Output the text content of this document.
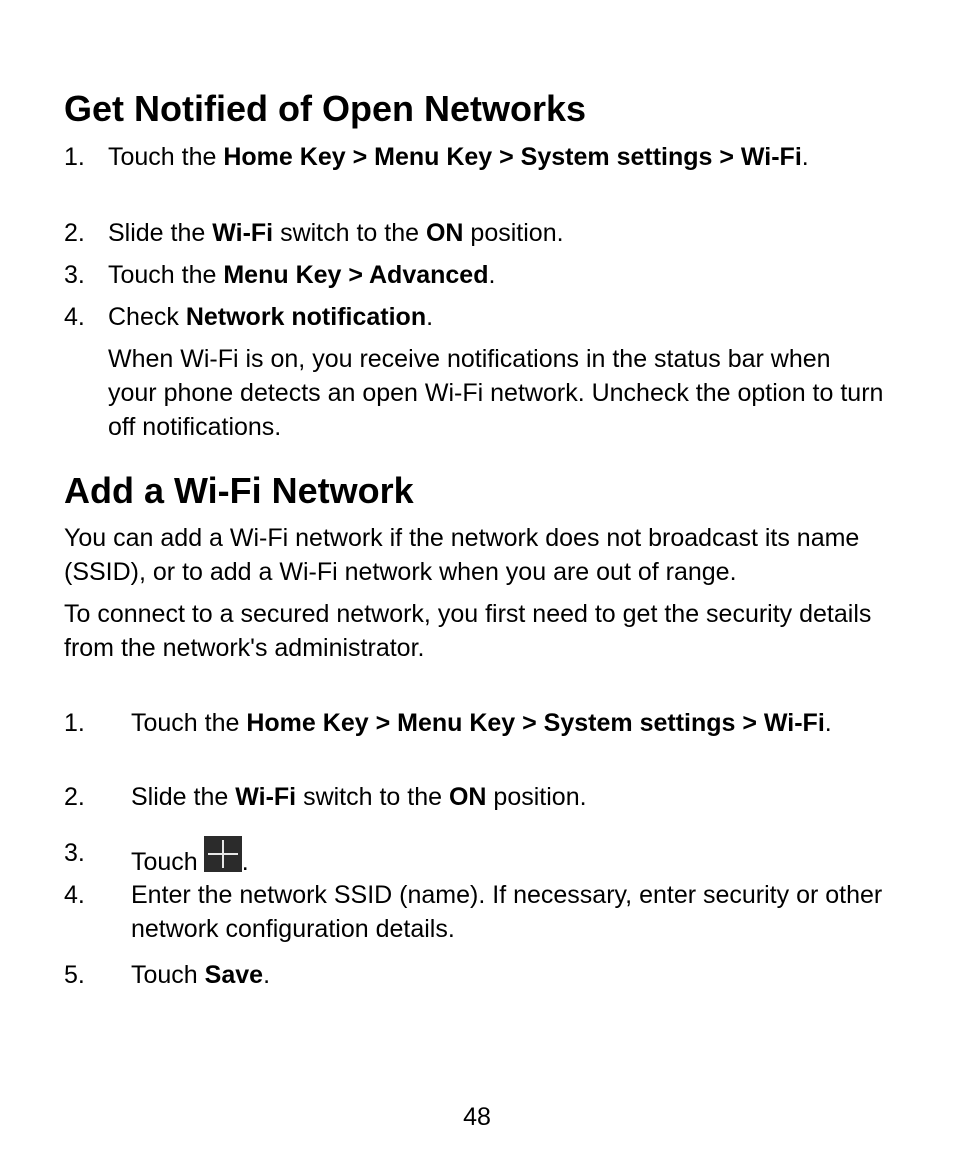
Get Notified of Open Networks
1. Touch the Home Key > Menu Key > System settings > Wi-Fi.
2. Slide the Wi-Fi switch to the ON position.
3. Touch the Menu Key > Advanced.
4. Check Network notification.
When Wi-Fi is on, you receive notifications in the status bar when your phone detects an open Wi-Fi network. Uncheck the option to turn off notifications.
Add a Wi-Fi Network

You can add a Wi-Fi network if the network does not broadcast its name (SSID), or to add a Wi-Fi network when you are out of range.

To connect to a secured network, you first need to get the security details from the network's administrator.

1. Touch the Home Key > Menu Key > System settings > Wi-Fi.
2. Slide the Wi-Fi switch to the ON position.
3. Touch .
4. Enter the network SSID (name). If necessary, enter security or other network configuration details.
5. Touch Save.
48
